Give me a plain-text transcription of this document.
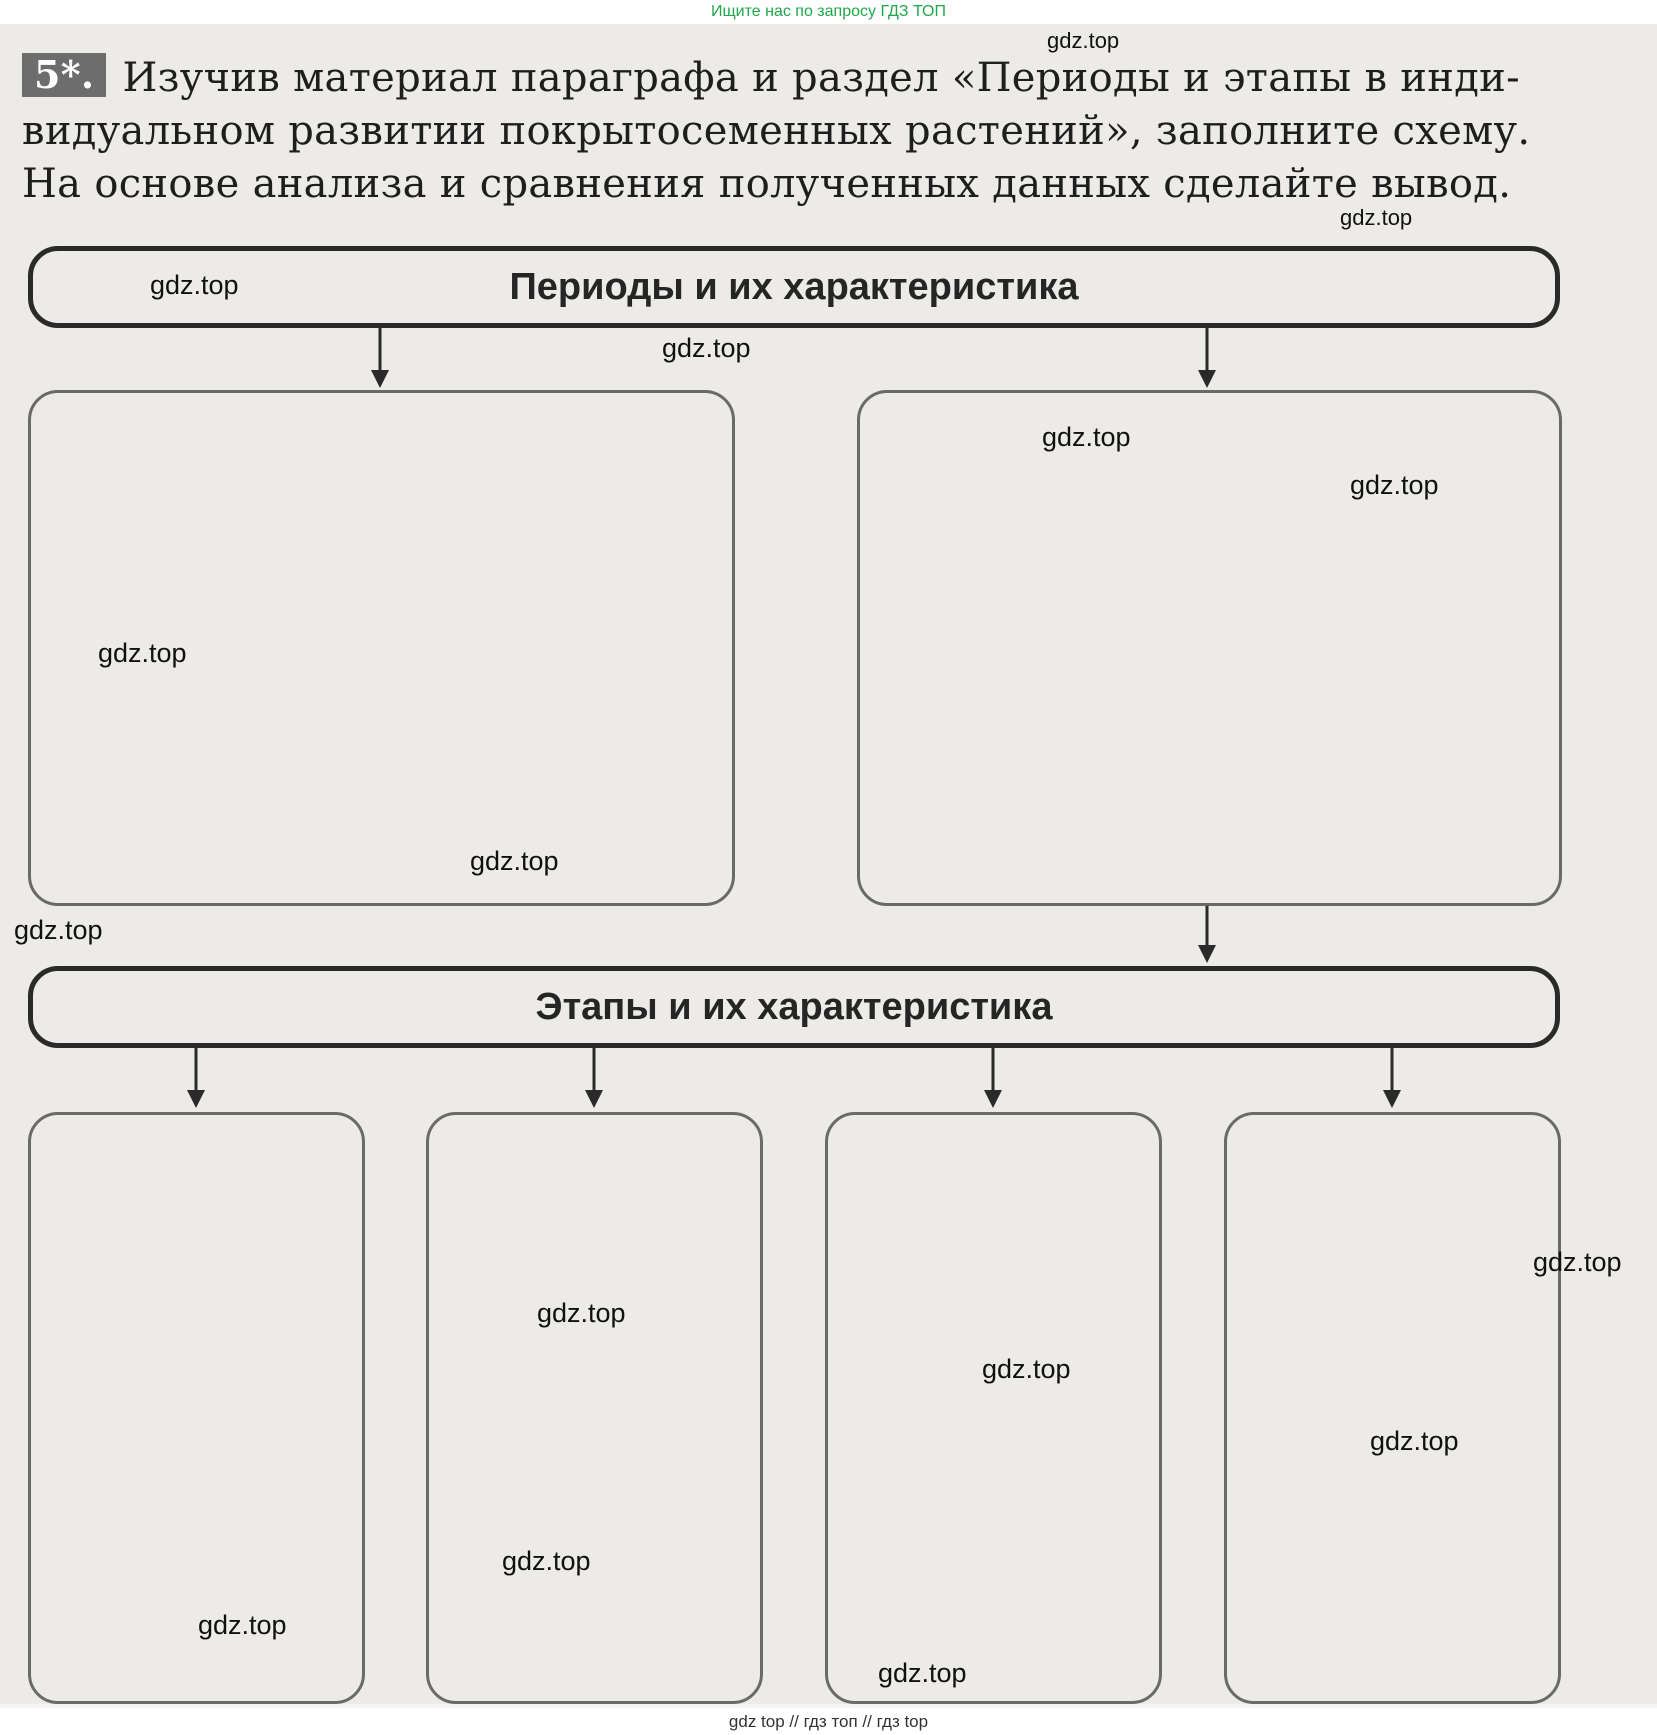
Ищите нас по запросу ГДЗ ТОП
5*. Изучив материал параграфа и раздел «Периоды и этапы в инди-
видуальном развитии покрытосеменных растений», заполните схему.
На основе анализа и сравнения полученных данных сделайте вывод.
Периоды и их характеристика
Этапы и их характеристика
gdz.top
gdz.top
gdz.top
gdz.top
gdz.top
gdz.top
gdz.top
gdz.top
gdz.top
gdz.top
gdz.top
gdz.top
gdz.top
gdz.top
gdz.top
gdz.top
gdz top // гдз топ // гдз top
